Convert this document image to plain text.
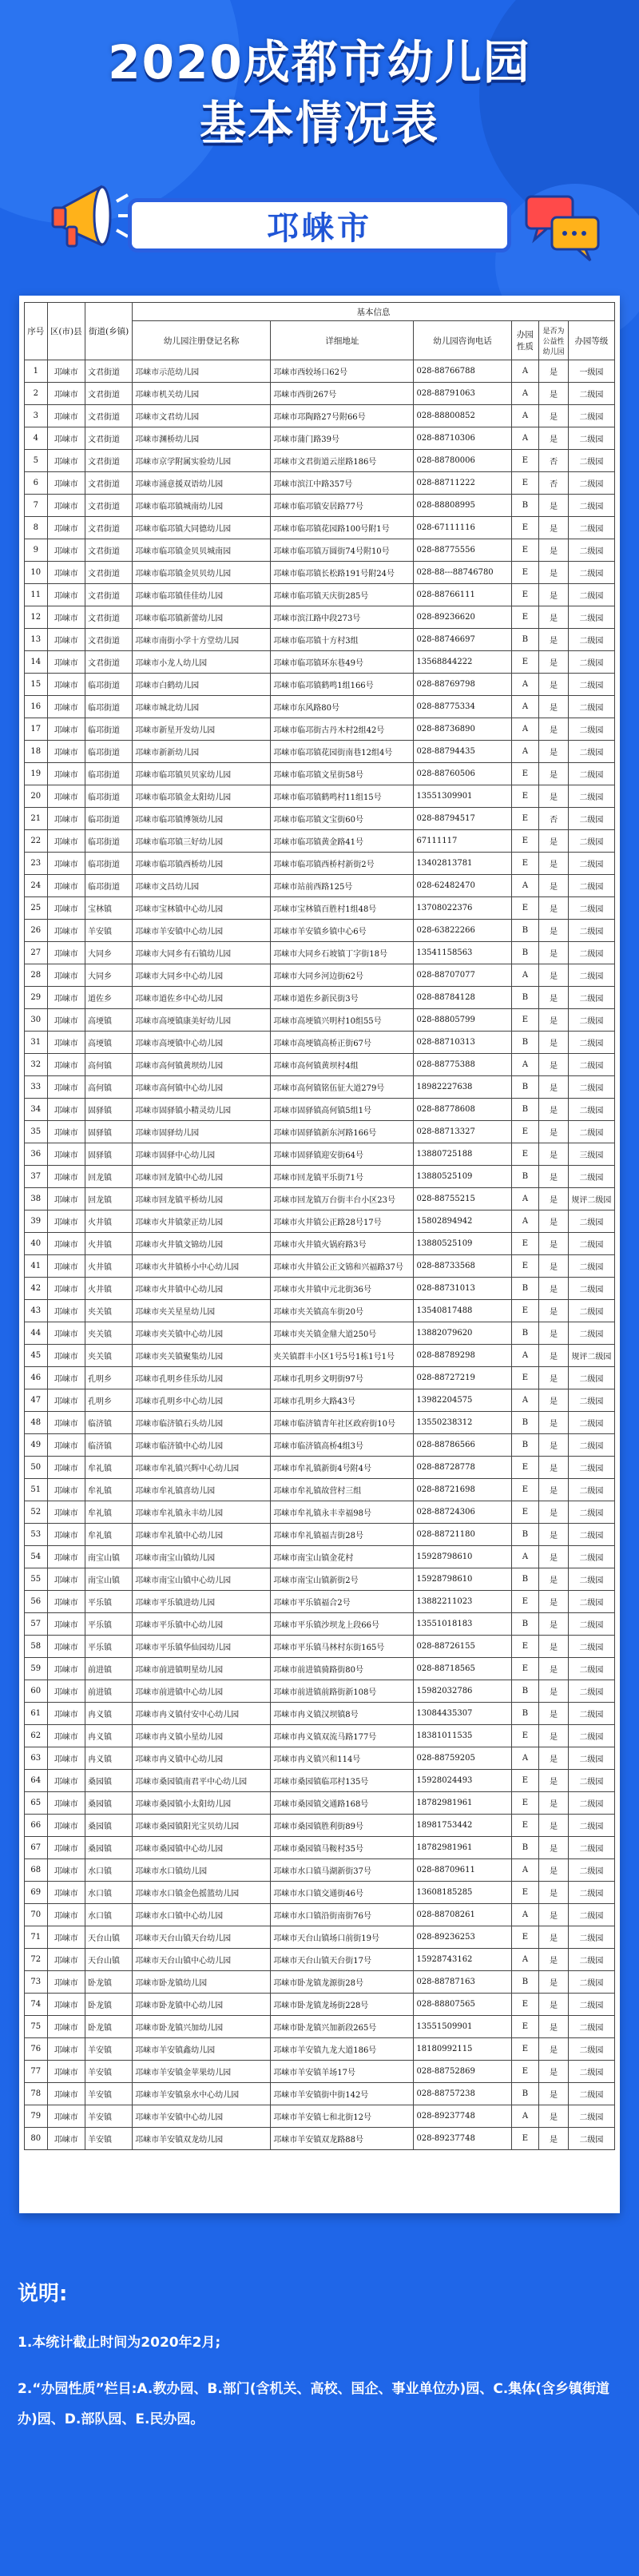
2020成都市幼儿园
基本情况表
邛崃市
序号	区(市)县	街道(乡镇)	基本信息					
			幼儿园注册登记名称	详细地址	幼儿园咨询电话	办园性质	是否为公益性幼儿园	办园等级
1	邛崃市	文君街道	邛崃市示范幼儿园	邛崃市西较场口62号	028-88766788	A	是	一级园
2	邛崃市	文君街道	邛崃市机关幼儿园	邛崃市西街267号	028-88791063	A	是	二级园
3	邛崃市	文君街道	邛崃市文君幼儿园	邛崃市邛陶路27号附66号	028-88800852	A	是	二级园
4	邛崃市	文君街道	邛崃市渊桥幼儿园	邛崃市蒲门路39号	028-88710306	A	是	二级园
5	邛崃市	文君街道	邛崃市京学附属实验幼儿园	邛崃市文君街道云崖路186号	028-88780006	E	否	二级园
6	邛崃市	文君街道	邛崃市涌意援双语幼儿园	邛崃市滨江中路357号	028-88711222	E	否	二级园
7	邛崃市	文君街道	邛崃市临邛镇城南幼儿园	邛崃市临邛镇安居路77号	028-88808995	B	是	二级园
8	邛崃市	文君街道	邛崃市临邛镇大同德幼儿园	邛崃市临邛镇花园路100号附1号	028-67111116	E	是	二级园
9	邛崃市	文君街道	邛崃市临邛镇金贝贝城南园	邛崃市临邛镇万圆街74号附10号	028-88775556	E	是	二级园
10	邛崃市	文君街道	邛崃市临邛镇金贝贝幼儿园	邛崃市临邛镇长松路191号附24号	028-88---88746780	E	是	二级园
11	邛崃市	文君街道	邛崃市临邛镇佳佳幼儿园	邛崃市临邛镇天庆街285号	028-88766111	E	是	二级园
12	邛崃市	文君街道	邛崃市临邛镇新蕾幼儿园	邛崃市滨江路中段273号	028-89236620	E	是	二级园
13	邛崃市	文君街道	邛崃市南街小学十方堂幼儿园	邛崃市临邛镇十方村3组	028-88746697	B	是	二级园
14	邛崃市	文君街道	邛崃市小龙人幼儿园	邛崃市临邛镇环东巷49号	13568844222	E	是	二级园
15	邛崃市	临邛街道	邛崃市白鹤幼儿园	邛崃市临邛镇鹤鸣1组166号	028-88769798	A	是	二级园
16	邛崃市	临邛街道	邛崃市城北幼儿园	邛崃市东风路80号	028-88775334	A	是	二级园
17	邛崃市	临邛街道	邛崃市新星开发幼儿园	邛崃市临邛街古丹木村2组42号	028-88736890	A	是	二级园
18	邛崃市	临邛街道	邛崃市新新幼儿园	邛崃市临邛镇花园街南巷12组4号	028-88794435	A	是	二级园
19	邛崃市	临邛街道	邛崃市临邛镇贝贝家幼儿园	邛崃市临邛镇文星街58号	028-88760506	E	是	二级园
20	邛崃市	临邛街道	邛崃市临邛镇金太阳幼儿园	邛崃市临邛镇鹤鸣村11组15号	13551309901	E	是	二级园
21	邛崃市	临邛街道	邛崃市临邛镇博领幼儿园	邛崃市临邛镇文宝街60号	028-88794517	E	否	二级园
22	邛崃市	临邛街道	邛崃市临邛镇三好幼儿园	邛崃市临邛镇黄金路41号	67111117	E	是	二级园
23	邛崃市	临邛街道	邛崃市临邛镇西桥幼儿园	邛崃市临邛镇西桥村新街2号	13402813781	E	是	二级园
24	邛崃市	临邛街道	邛崃市文昌幼儿园	邛崃市站前西路125号	028-62482470	A	是	二级园
25	邛崃市	宝林镇	邛崃市宝林镇中心幼儿园	邛崃市宝林镇百胜村1组48号	13708022376	E	是	二级园
26	邛崃市	羊安镇	邛崃市羊安镇中心幼儿园	邛崃市羊安镇乡镇中心6号	028-63822266	B	是	二级园
27	邛崃市	大同乡	邛崃市大同乡有石镇幼儿园	邛崃市大同乡石坡镇丁字街18号	13541158563	B	是	二级园
28	邛崃市	大同乡	邛崃市大同乡中心幼儿园	邛崃市大同乡河边街62号	028-88707077	A	是	二级园
29	邛崃市	道佐乡	邛崃市道佐乡中心幼儿园	邛崃市道佐乡新民街3号	028-88784128	B	是	二级园
30	邛崃市	高埂镇	邛崃市高埂镇康美好幼儿园	邛崃市高埂镇兴明村10组55号	028-88805799	E	是	二级园
31	邛崃市	高埂镇	邛崃市高埂镇中心幼儿园	邛崃市高埂镇高桥正街67号	028-88710313	B	是	二级园
32	邛崃市	高何镇	邛崃市高何镇黄坝幼儿园	邛崃市高何镇黄坝村4组	028-88775388	A	是	二级园
33	邛崃市	高何镇	邛崃市高何镇中心幼儿园	邛崃市高何镇铭伍征大道279号	18982227638	B	是	二级园
34	邛崃市	固驿镇	邛崃市固驿镇小精灵幼儿园	邛崃市固驿镇高何镇5组1号	028-88778608	B	是	二级园
35	邛崃市	固驿镇	邛崃市固驿幼儿园	邛崃市固驿镇新东河路166号	028-88713327	E	是	二级园
36	邛崃市	固驿镇	邛崃市固驿中心幼儿园	邛崃市固驿镇迎安街64号	13880725188	E	是	三级园
37	邛崃市	回龙镇	邛崃市回龙镇中心幼儿园	邛崃市回龙镇平乐街71号	13880525109	B	是	二级园
38	邛崃市	回龙镇	邛崃市回龙镇平桥幼儿园	邛崃市回龙镇万台街丰台小区23号	028-88755215	A	是	规评二级园
39	邛崃市	火井镇	邛崃市火井镇蒙正幼儿园	邛崃市火井镇公正路28号17号	15802894942	A	是	二级园
40	邛崃市	火井镇	邛崃市火井镇文锦幼儿园	邛崃市火井镇火锅府路3号	13880525109	E	是	二级园
41	邛崃市	火井镇	邛崃市火井镇桥小中心幼儿园	邛崃市火井镇公正文锦和兴福路37号	028-88733568	E	是	二级园
42	邛崃市	火井镇	邛崃市火井镇中心幼儿园	邛崃市火井镇中元北街36号	028-88731013	B	是	二级园
43	邛崃市	夹关镇	邛崃市夹关星星幼儿园	邛崃市夹关镇高车街20号	13540817488	E	是	二级园
44	邛崃市	夹关镇	邛崃市夹关镇中心幼儿园	邛崃市夹关镇金鼎大道250号	13882079620	B	是	二级园
45	邛崃市	夹关镇	邛崃市夹关镇聚集幼儿园	夹关镇群丰小区1号5号1栋1号1号	028-88789298	A	是	规评二级园
46	邛崃市	孔明乡	邛崃市孔明乡佳乐幼儿园	邛崃市孔明乡文明街97号	028-88727219	E	是	二级园
47	邛崃市	孔明乡	邛崃市孔明乡中心幼儿园	邛崃市孔明乡大路43号	13982204575	A	是	二级园
48	邛崃市	临济镇	邛崃市临济镇石头幼儿园	邛崃市临济镇青年社区政府街10号	13550238312	B	是	二级园
49	邛崃市	临济镇	邛崃市临济镇中心幼儿园	邛崃市临济镇高桥4组3号	028-88786566	B	是	二级园
50	邛崃市	牟礼镇	邛崃市牟礼镇兴辉中心幼儿园	邛崃市牟礼镇新街4号附4号	028-88728778	E	是	二级园
51	邛崃市	牟礼镇	邛崃市牟礼镇喜幼儿园	邛崃市牟礼镇故营村三组	028-88721698	E	是	二级园
52	邛崃市	牟礼镇	邛崃市牟礼镇永丰幼儿园	邛崃市牟礼镇永丰幸福98号	028-88724306	E	是	二级园
53	邛崃市	牟礼镇	邛崃市牟礼镇中心幼儿园	邛崃市牟礼镇福吉街28号	028-88721180	B	是	二级园
54	邛崃市	南宝山镇	邛崃市南宝山镇幼儿园	邛崃市南宝山镇金花村	15928798610	A	是	二级园
55	邛崃市	南宝山镇	邛崃市南宝山镇中心幼儿园	邛崃市南宝山镇新街2号	15928798610	B	是	二级园
56	邛崃市	平乐镇	邛崃市平乐镇进幼儿园	邛崃市平乐镇福合2号	13882211023	E	是	二级园
57	邛崃市	平乐镇	邛崃市平乐镇中心幼儿园	邛崃市平乐镇沙坝龙上段66号	13551018183	B	是	二级园
58	邛崃市	平乐镇	邛崃市平乐镇华仙园幼儿园	邛崃市平乐镇马林村东街165号	028-88726155	E	是	二级园
59	邛崃市	前进镇	邛崃市前进镇明星幼儿园	邛崃市前进镇骑路街80号	028-88718565	E	是	二级园
60	邛崃市	前进镇	邛崃市前进镇中心幼儿园	邛崃市前进镇前路街新108号	15982032786	B	是	二级园
61	邛崃市	冉义镇	邛崃市冉义镇付安中心幼儿园	邛崃市冉义镇汉坝镇8号	13084435307	B	是	二级园
62	邛崃市	冉义镇	邛崃市冉义镇小星幼儿园	邛崃市冉义镇双流马路177号	18381011535	E	是	二级园
63	邛崃市	冉义镇	邛崃市冉义镇中心幼儿园	邛崃市冉义镇兴和114号	028-88759205	A	是	二级园
64	邛崃市	桑园镇	邛崃市桑园镇南君平中心幼儿园	邛崃市桑园镇临邛村135号	15928024493	E	是	二级园
65	邛崃市	桑园镇	邛崃市桑园镇小太阳幼儿园	邛崃市桑园镇交通路168号	18782981961	E	是	二级园
66	邛崃市	桑园镇	邛崃市桑园镇阳光宝贝幼儿园	邛崃市桑园镇胜利街89号	18981753442	E	是	二级园
67	邛崃市	桑园镇	邛崃市桑园镇中心幼儿园	邛崃市桑园镇马鞍村35号	18782981961	B	是	二级园
68	邛崃市	水口镇	邛崃市水口镇幼儿园	邛崃市水口镇马湖新街37号	028-88709611	A	是	二级园
69	邛崃市	水口镇	邛崃市水口镇金色摇篮幼儿园	邛崃市水口镇交通街46号	13608185285	E	是	二级园
70	邛崃市	水口镇	邛崃市水口镇中心幼儿园	邛崃市水口镇沿街南街76号	028-88708261	A	是	二级园
71	邛崃市	天台山镇	邛崃市天台山镇天台幼儿园	邛崃市天台山镇场口前街19号	028-89236253	E	是	二级园
72	邛崃市	天台山镇	邛崃市天台山镇中心幼儿园	邛崃市天台山镇天台街17号	15928743162	A	是	二级园
73	邛崃市	卧龙镇	邛崃市卧龙镇幼儿园	邛崃市卧龙镇龙源街28号	028-88787163	B	是	二级园
74	邛崃市	卧龙镇	邛崃市卧龙镇中心幼儿园	邛崃市卧龙镇龙场街228号	028-88807565	E	是	二级园
75	邛崃市	卧龙镇	邛崃市卧龙镇兴加幼儿园	邛崃市卧龙镇兴加新段265号	13551509901	E	是	二级园
76	邛崃市	羊安镇	邛崃市羊安镇鑫幼儿园	邛崃市羊安镇九龙大道186号	18180992115	E	是	二级园
77	邛崃市	羊安镇	邛崃市羊安镇金苹果幼儿园	邛崃市羊安镇羊场17号	028-88752869	E	是	二级园
78	邛崃市	羊安镇	邛崃市羊安镇泉水中心幼儿园	邛崃市羊安镇街中街142号	028-88757238	B	是	二级园
79	邛崃市	羊安镇	邛崃市羊安镇中心幼儿园	邛崃市羊安镇七和北街12号	028-89237748	A	是	二级园
80	邛崃市	羊安镇	邛崃市羊安镇双龙幼儿园	邛崃市羊安镇双龙路88号	028-89237748	E	是	二级园
说明:

1.本统计截止时间为2020年2月;

2.“办园性质”栏目:A.教办园、B.部门(含机关、高校、国企、事业单位办)园、C.集体(含乡镇街道办)园、D.部队园、E.民办园。
